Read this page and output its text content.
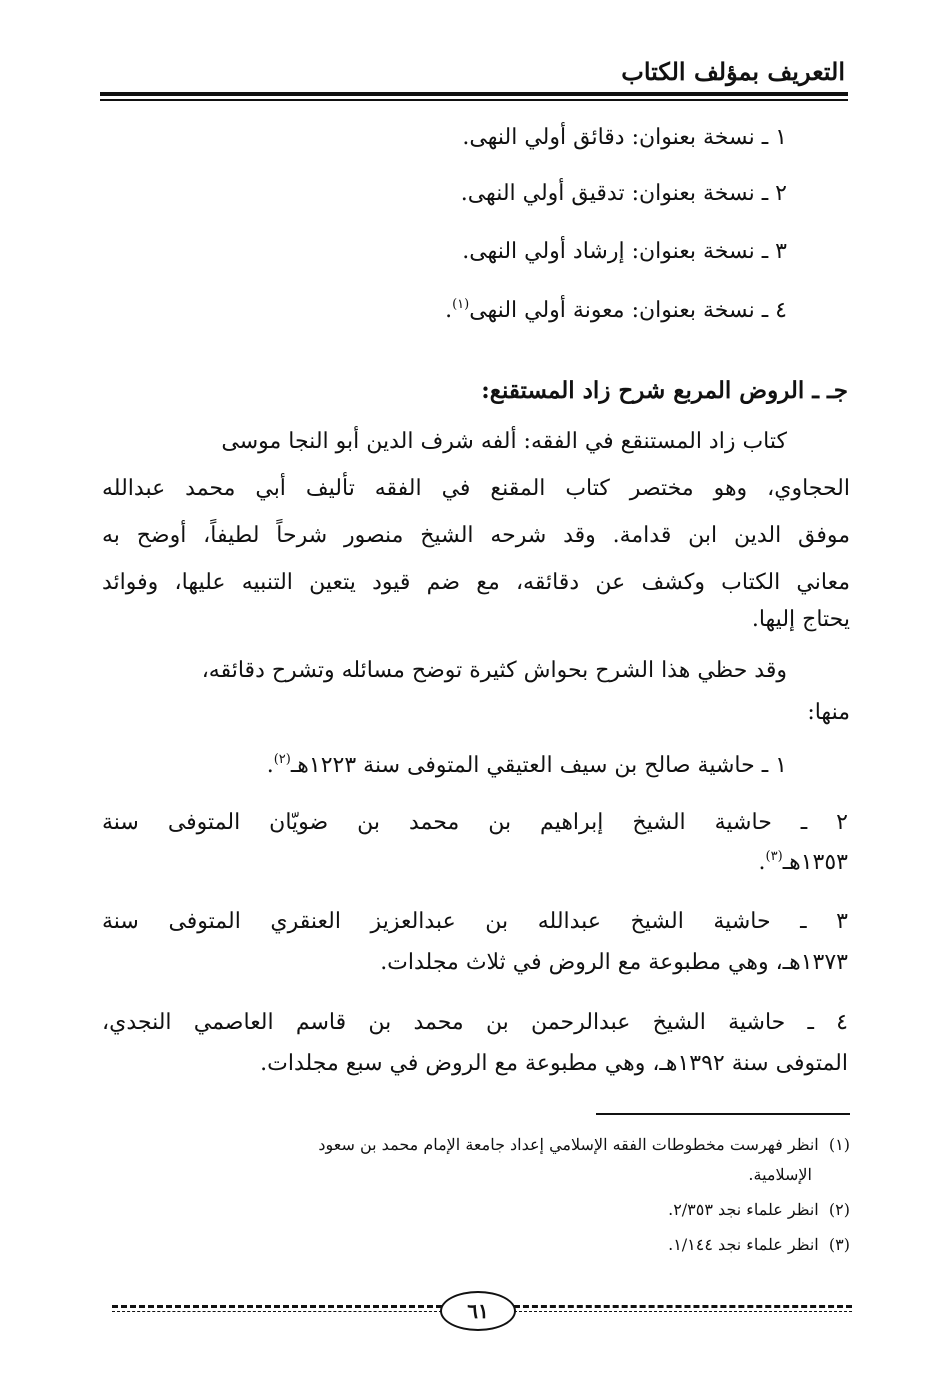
التعريف بمؤلف الكتاب
١ ـ نسخة بعنوان: دقائق أولي النهى.
٢ ـ نسخة بعنوان: تدقيق أولي النهى.
٣ ـ نسخة بعنوان: إرشاد أولي النهى.
٤ ـ نسخة بعنوان: معونة أولي النهى$^{(١)}$.
جـ ـ الروض المربع شرح زاد المستقنع:
كتاب زاد المستنقع في الفقه: ألفه شرف الدين أبو النجا موسى
الحجاوي، وهو مختصر كتاب المقنع في الفقه تأليف أبي محمد عبدالله
موفق الدين ابن قدامة. وقد شرحه الشيخ منصور شرحاً لطيفاً، أوضح به
معاني الكتاب وكشف عن دقائقه، مع ضم قيود يتعين التنبيه عليها، وفوائد
يحتاج إليها.
وقد حظي هذا الشرح بحواش كثيرة توضح مسائله وتشرح دقائقه،
منها:
١ ـ حاشية صالح بن سيف العتيقي المتوفى سنة ١٢٢٣هـ$^{(٢)}$.
٢ ـ حاشية الشيخ إبراهيم بن محمد بن ضويّان المتوفى سنة
١٣٥٣هـ$^{(٣)}$.
٣ ـ حاشية الشيخ عبدالله بن عبدالعزيز العنقري المتوفى سنة
١٣٧٣هـ، وهي مطبوعة مع الروض في ثلاث مجلدات.
٤ ـ حاشية الشيخ عبدالرحمن بن محمد بن قاسم العاصمي النجدي،
المتوفى سنة ١٣٩٢هـ، وهي مطبوعة مع الروض في سبع مجلدات.
(١)  انظر فهرست مخطوطات الفقه الإسلامي إعداد جامعة الإمام محمد بن سعود
الإسلامية.
(٢)  انظر علماء نجد ٢/٣٥٣.
(٣)  انظر علماء نجد ١/١٤٤.
٦١
